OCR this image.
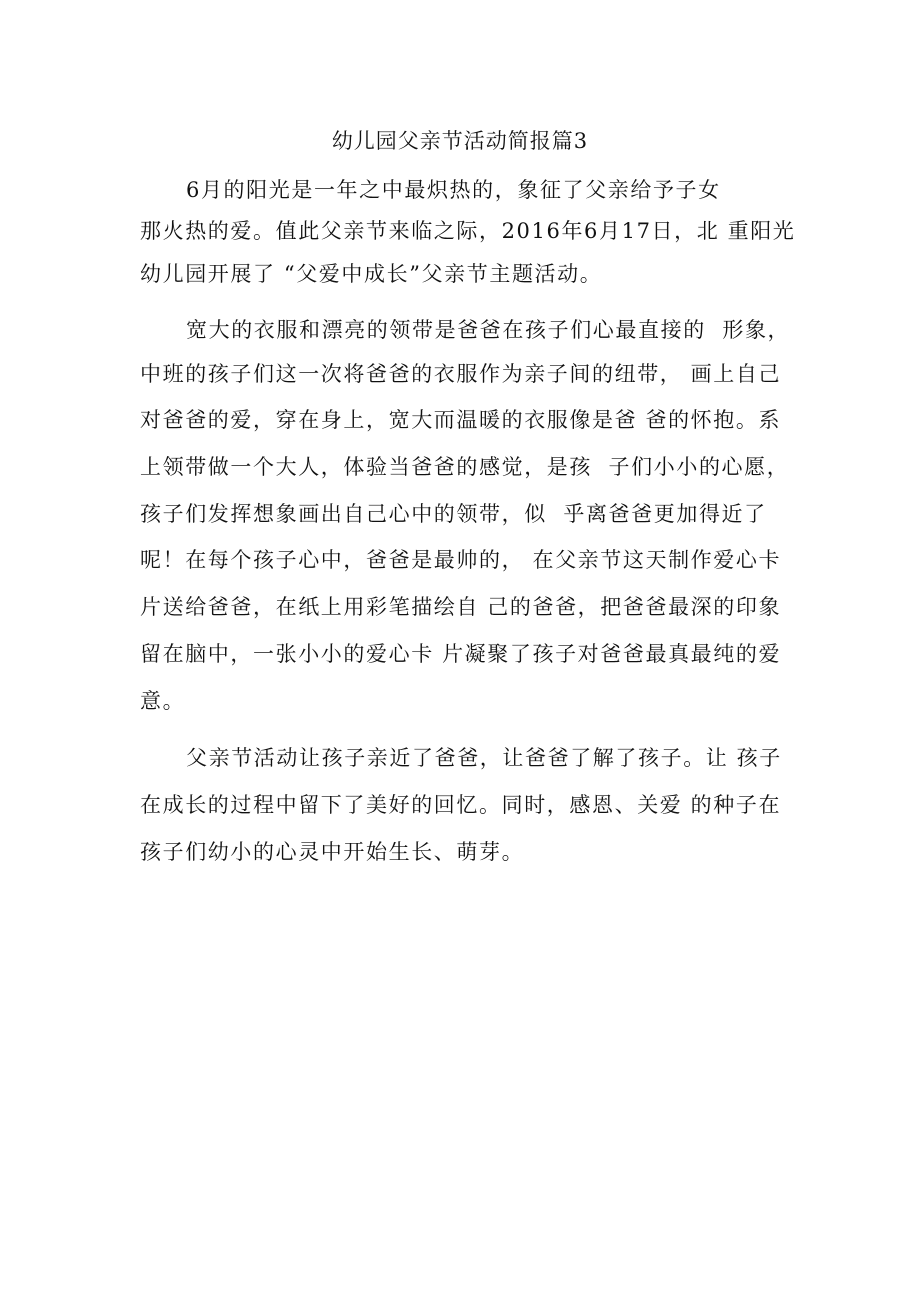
幼儿园父亲节活动简报篇3
6月的阳光是一年之中最炽热的，象征了父亲给予子女
那火热的爱。值此父亲节来临之际，2016年6月17日，北 重阳光
幼儿园开展了 “父爱中成长”父亲节主题活动。
宽大的衣服和漂亮的领带是爸爸在孩子们心最直接的  形象，
中班的孩子们这一次将爸爸的衣服作为亲子间的纽带， 画上自己
对爸爸的爱，穿在身上，宽大而温暖的衣服像是爸 爸的怀抱。系
上领带做一个大人，体验当爸爸的感觉，是孩  子们小小的心愿，
孩子们发挥想象画出自己心中的领带，似  乎离爸爸更加得近了
呢！在每个孩子心中，爸爸是最帅的， 在父亲节这天制作爱心卡
片送给爸爸，在纸上用彩笔描绘自 己的爸爸，把爸爸最深的印象
留在脑中，一张小小的爱心卡 片凝聚了孩子对爸爸最真最纯的爱
意。
父亲节活动让孩子亲近了爸爸，让爸爸了解了孩子。让 孩子
在成长的过程中留下了美好的回忆。同时，感恩、关爱 的种子在
孩子们幼小的心灵中开始生长、萌芽。
